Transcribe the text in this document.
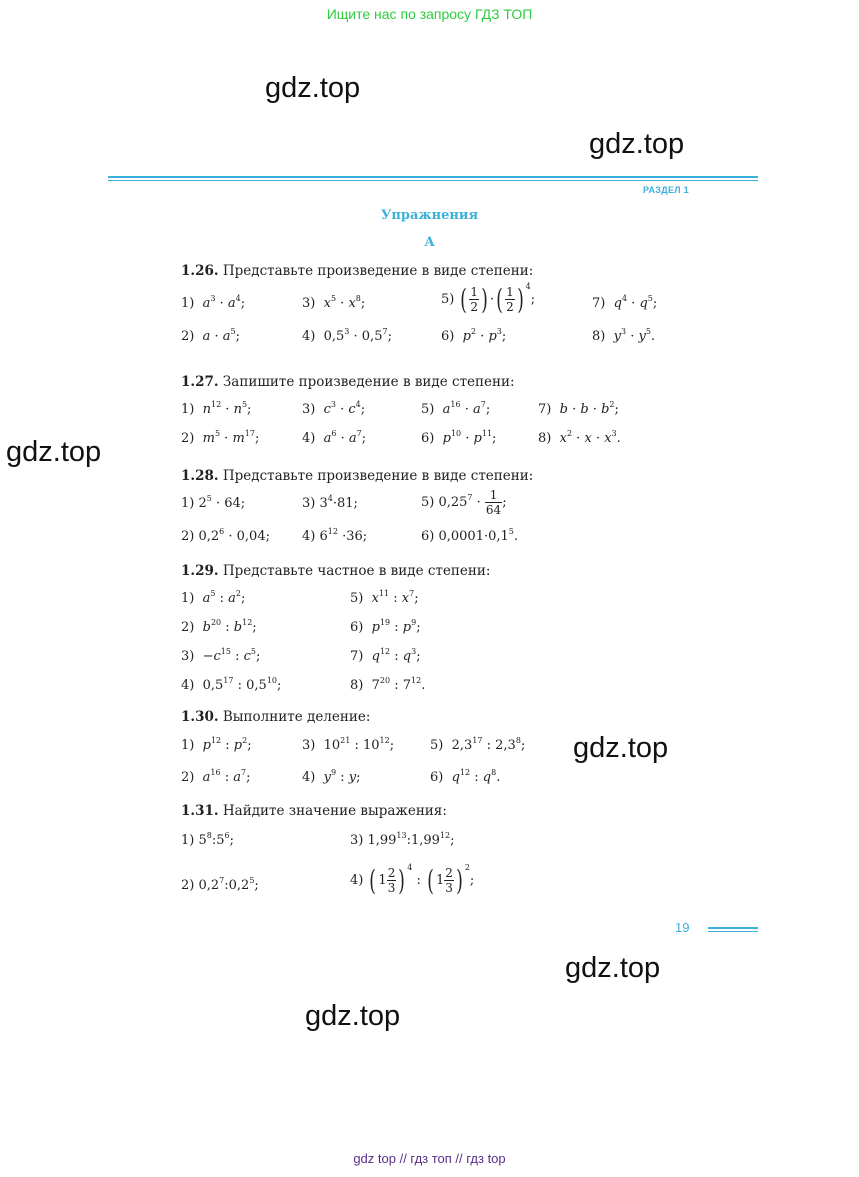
Ищите нас по запросу ГДЗ ТОП
gdz.top
gdz.top
gdz.top
gdz.top
gdz.top
gdz.top
РАЗДЕЛ 1
Упражнения
A
1.26. Представьте произведение в виде степени:
1)  $a^3 \cdot a^4$;	3)  $x^5 \cdot x^8$;	5) ( $\frac{1}{2}$ ) ·( $\frac{1}{2}$ ) $^4$;	7)  $q^4 \cdot q^5$;
2)  $a \cdot a^5$;	4)  $0,5^3 \cdot 0,5^7$;	6)  $p^2 \cdot p^3$;	8)  $y^3 \cdot y^5$.
1.27. Запишите произведение в виде степени:
1)  $n^{12} \cdot n^5$;	3)  $c^3 \cdot c^4$;	5)  $a^{16} \cdot a^7$;	7)  $b \cdot b \cdot b^2$;
2)  $m^5 \cdot m^{17}$;	4)  $a^6 \cdot a^7$;	6)  $p^{10} \cdot p^{11}$;	8)  $x^2 \cdot x \cdot x^3$.
1.28. Представьте произведение в виде степени:
1) $2^5 \cdot 64$;	3) $3^4\cdot 81$;	5) $0,25^7 \cdot \frac{1}{64}$ ;
2) $0,2^6 \cdot 0,04$; 4) $6^{12} \cdot 36$;	6) $0,0001\cdot 0,1^5$.
1.29. Представьте частное в виде степени:
1)  $a^5$ : $a^2$;	5)  $x^{11}$ : $x^7$;
2)  $b^{20}$ : $b^{12}$;	6)  $p^{19}$ : $p^9$;
$3) -c^{15}$ : $c^5$;	7)  $q^{12}$ : $q^3$;
4)  $0,5^{17}$ : $0,5^{10}$;	8)  $7^{20}$ : $7^{12}$.
1.30. Выполните деление:
1)  $p^{12}$ : $p^2$;	3)  $10^{21}$ : $10^{12}$;	5)  $2,3^{17}$ : $2,3^8$;
2)  $a^{16}$ : $a^7$;	4)  $y^9$ : y;	6)  $q^{12}$ : $q^8$.
1.31. Найдите значение выражения:
1) $5^8:5^6$;	3) 1,99$^{13}$:1,99$^{12}$;
2) $0,2^7:0,2^5$;	4) ( $1 \frac{2}{3}$ ) $^4$ : ( $1 \frac{2}{3}$ ) $^2$;
19
gdz top // гдз топ // гдз top
